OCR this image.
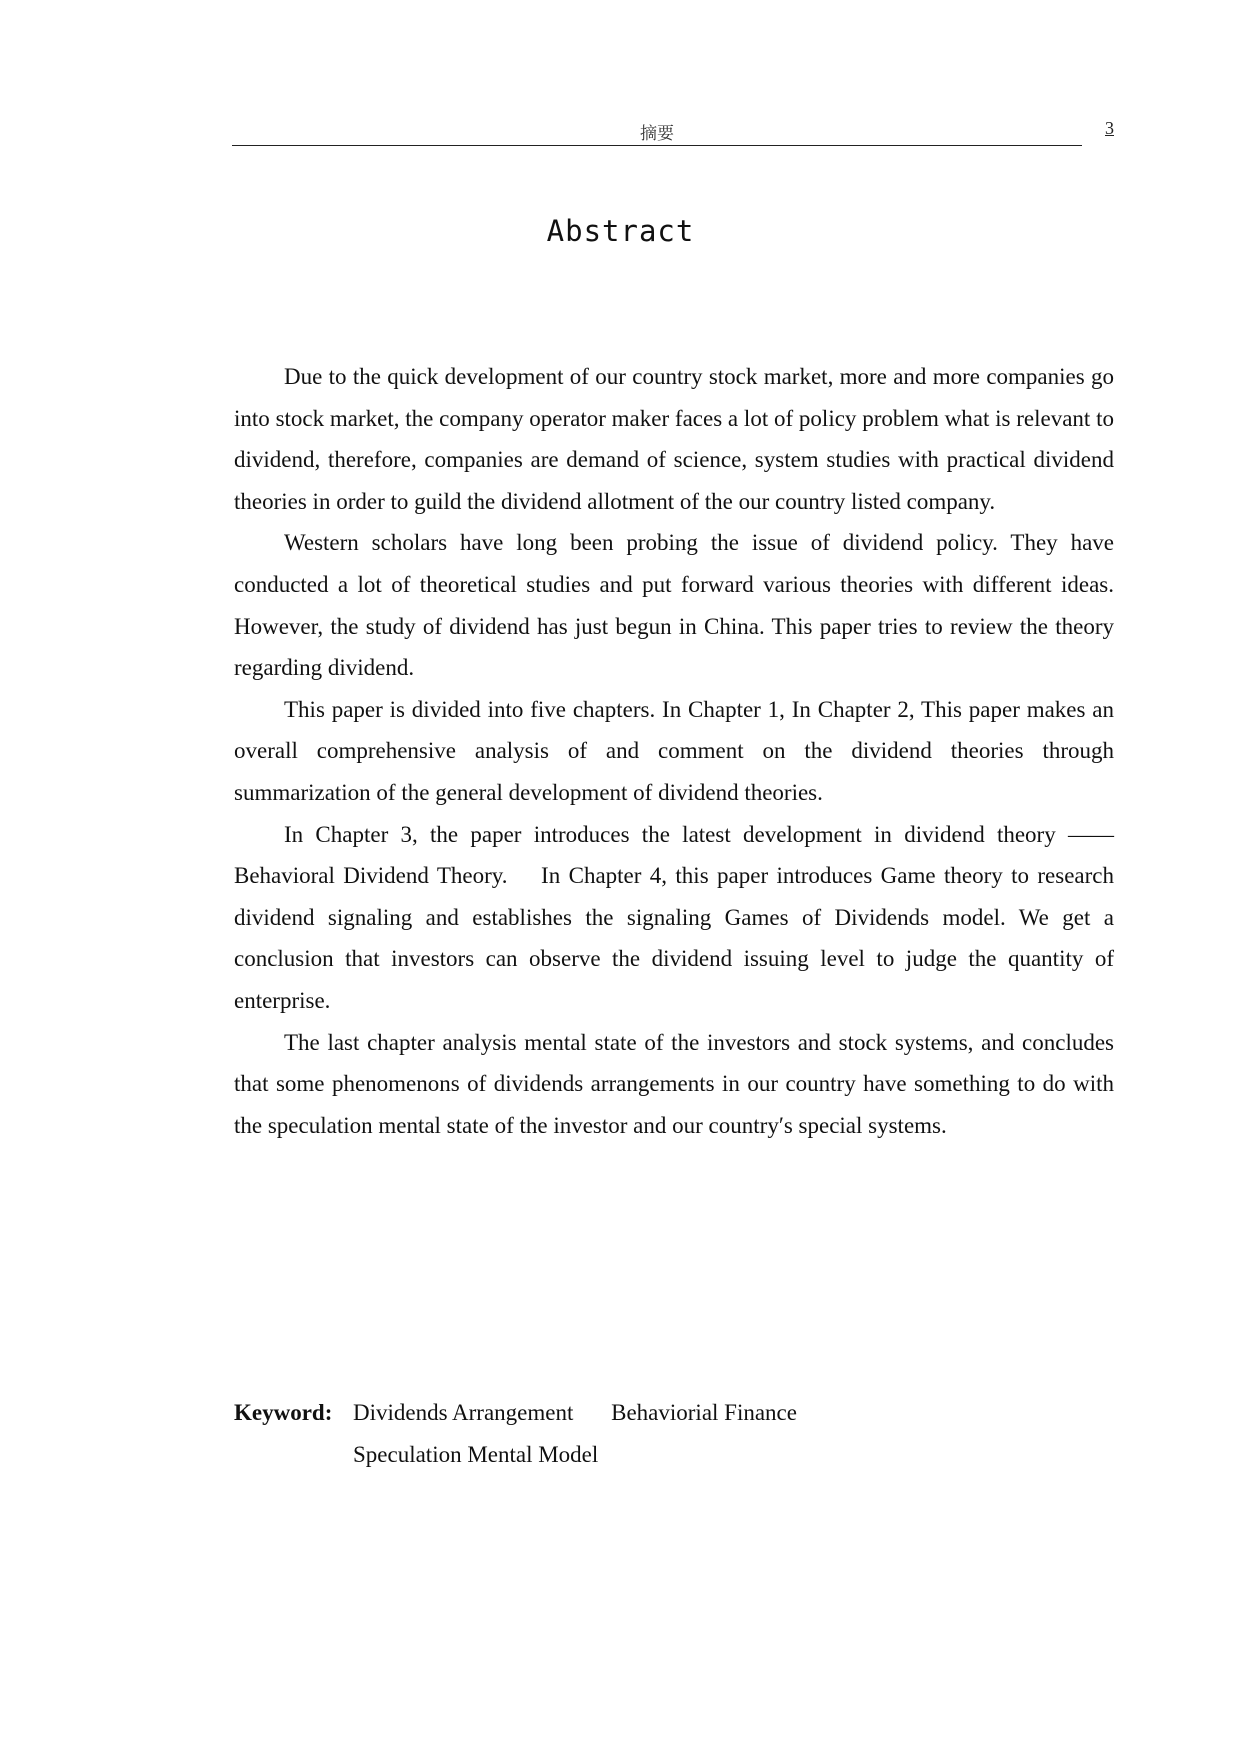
摘要	3
Abstract

Due to the quick development of our country stock market, more and more companies go into stock market, the company operator maker faces a lot of policy problem what is relevant to dividend, therefore, companies are demand of science, system studies with practical dividend theories in order to guild the dividend allotment of the our country listed company.

Western scholars have long been probing the issue of dividend policy. They have conducted a lot of theoretical studies and put forward various theories with different ideas. However, the study of dividend has just begun in China. This paper tries to review the theory regarding dividend.

This paper is divided into five chapters. In Chapter 1, In Chapter 2, This paper makes an overall comprehensive analysis of and comment on the dividend theories through summarization of the general development of dividend theories.

In Chapter 3, the paper introduces the latest development in dividend theory —— Behavioral Dividend Theory.    In Chapter 4, this paper introduces Game theory to research dividend signaling and establishes the signaling Games of Dividends model. We get a conclusion that investors can observe the dividend issuing level to judge the quantity of enterprise.

The last chapter analysis mental state of the investors and stock systems, and concludes that some phenomenons of dividends arrangements in our country have something to do with the speculation mental state of the investor and our country′s special systems.

Keyword: Dividends Arrangement Behaviorial Finance Speculation Mental Model
